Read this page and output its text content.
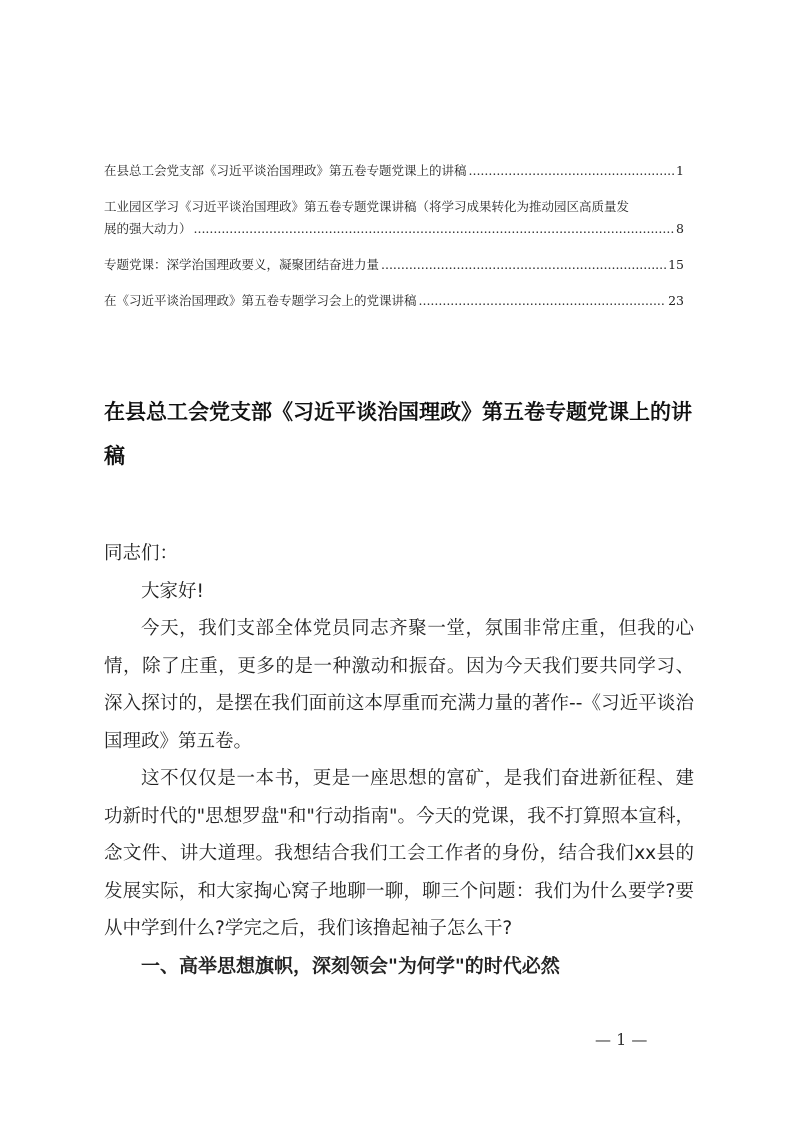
在县总工会党支部《习近平谈治国理政》第五卷专题党课上的讲稿 .....	1
工业园区学习《习近平谈治国理政》第五卷专题党课讲稿（将学习成果转化为推动园区高质量发
展的强大动力） .....	8
专题党课：深学治国理政要义，凝聚团结奋进力量 .....	15
在《习近平谈治国理政》第五卷专题学习会上的党课讲稿 .....	23
在县总工会党支部《习近平谈治国理政》第五卷专题党课上的讲稿

同志们：

大家好!

今天，我们支部全体党员同志齐聚一堂，氛围非常庄重，但我的心情，除了庄重，更多的是一种激动和振奋。因为今天我们要共同学习、深入探讨的，是摆在我们面前这本厚重而充满力量的著作--《习近平谈治国理政》第五卷。

这不仅仅是一本书，更是一座思想的富矿，是我们奋进新征程、建功新时代的"思想罗盘"和"行动指南"。今天的党课，我不打算照本宣科，念文件、讲大道理。我想结合我们工会工作者的身份，结合我们xx县的发展实际，和大家掏心窝子地聊一聊，聊三个问题：我们为什么要学?要从中学到什么?学完之后，我们该撸起袖子怎么干?

一、高举思想旗帜，深刻领会"为何学"的时代必然

— 1 —
